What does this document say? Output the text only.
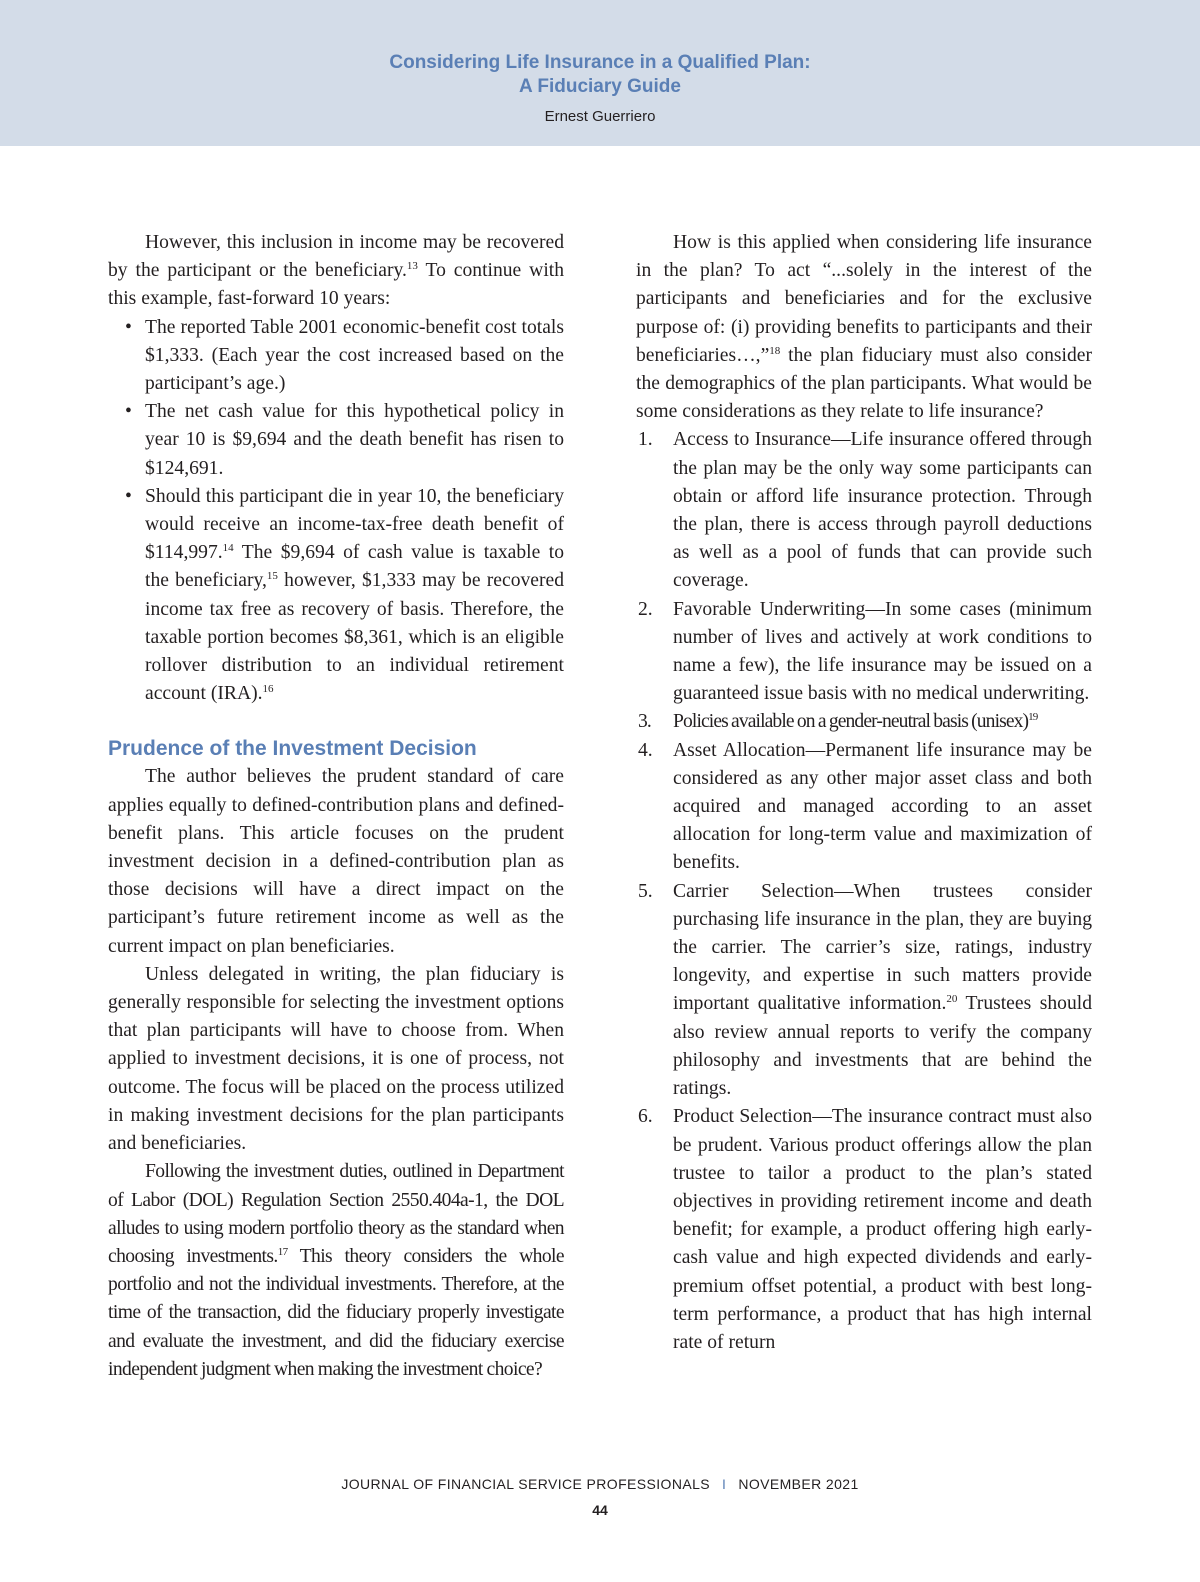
Considering Life Insurance in a Qualified Plan:
A Fiduciary Guide
Ernest Guerriero

However, this inclusion in income may be recovered by the participant or the beneficiary.$^{13}$ To continue with this example, fast-forward 10 years:

• The reported Table 2001 economic-benefit cost totals $1,333. (Each year the cost increased based on the participant’s age.)
• The net cash value for this hypothetical policy in year 10 is $9,694 and the death benefit has risen to $124,691.
• Should this participant die in year 10, the beneficiary would receive an income-tax-free death benefit of $114,997.14 The $9,694 of cash value is taxable to the beneficiary,$^{15}$ however, $1,333 may be recovered income tax free as recovery of basis. Therefore, the taxable portion becomes $8,361, which is an eligible rollover distribution to an individual retirement account (IRA).$^{16}$
Prudence of the Investment Decision

The author believes the prudent standard of care applies equally to defined-contribution plans and defined-benefit plans. This article focuses on the prudent investment decision in a defined-contribution plan as those decisions will have a direct impact on the participant’s future retirement income as well as the current impact on plan beneficiaries.

Unless delegated in writing, the plan fiduciary is generally responsible for selecting the investment options that plan participants will have to choose from. When applied to investment decisions, it is one of process, not outcome. The focus will be placed on the process utilized in making investment decisions for the plan participants and beneficiaries.

Following the investment duties, outlined in Department of Labor (DOL) Regulation Section 2550.404a-1, the DOL alludes to using modern portfolio theory as the standard when choosing investments.$^{17}$ This theory considers the whole portfolio and not the individual investments. Therefore, at the time of the transaction, did the fiduciary properly investigate and evaluate the investment, and did the fiduciary exercise independent judgment when making the investment choice?

How is this applied when considering life insurance in the plan? To act “...solely in the interest of the participants and beneficiaries and for the exclusive purpose of: (i) providing benefits to participants and their beneficiaries…,”$^{18}$ the plan fiduciary must also consider the demographics of the plan participants. What would be some considerations as they relate to life insurance?

1. Access to Insurance—Life insurance offered through the plan may be the only way some participants can obtain or afford life insurance protection. Through the plan, there is access through payroll deductions as well as a pool of funds that can provide such coverage.
2. Favorable Underwriting—In some cases (minimum number of lives and actively at work conditions to name a few), the life insurance may be issued on a guaranteed issue basis with no medical underwriting.
3. Policies available on a gender-neutral basis (unisex)$^{19}$
4. Asset Allocation—Permanent life insurance may be considered as any other major asset class and both acquired and managed according to an asset allocation for long-term value and maximization of benefits.
5. Carrier Selection—When trustees consider purchasing life insurance in the plan, they are buying the carrier. The carrier’s size, ratings, industry longevity, and expertise in such matters provide important qualitative information.$^{20}$ Trustees should also review annual reports to verify the company philosophy and investments that are behind the ratings.
6. Product Selection—The insurance contract must also be prudent. Various product offerings allow the plan trustee to tailor a product to the plan’s stated objectives in providing retirement income and death benefit; for example, a product offering high early-cash value and high expected dividends and early-premium offset potential, a product with best long-term performance, a product that has high internal rate of return
JOURNAL OF FINANCIAL SERVICE PROFESSIONALS I NOVEMBER 2021
44
